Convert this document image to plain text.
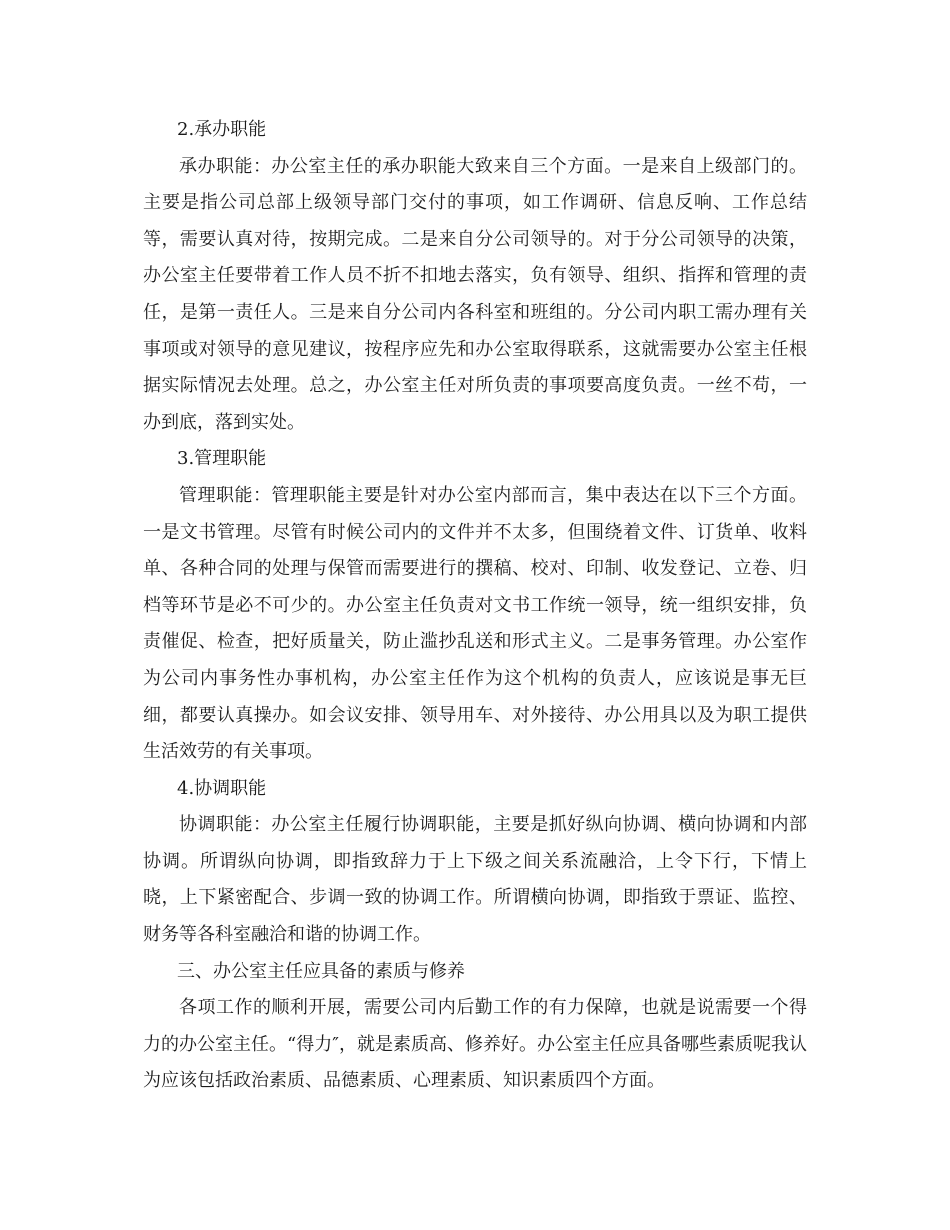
2.承办职能

承办职能：办公室主任的承办职能大致来自三个方面。一是来自上级部门的。主要是指公司总部上级领导部门交付的事项，如工作调研、信息反响、工作总结等，需要认真对待，按期完成。二是来自分公司领导的。对于分公司领导的决策，办公室主任要带着工作人员不折不扣地去落实，负有领导、组织、指挥和管理的责任，是第一责任人。三是来自分公司内各科室和班组的。分公司内职工需办理有关事项或对领导的意见建议，按程序应先和办公室取得联系，这就需要办公室主任根据实际情况去处理。总之，办公室主任对所负责的事项要高度负责。一丝不苟，一办到底，落到实处。

3.管理职能

管理职能：管理职能主要是针对办公室内部而言，集中表达在以下三个方面。一是文书管理。尽管有时候公司内的文件并不太多，但围绕着文件、订货单、收料单、各种合同的处理与保管而需要进行的撰稿、校对、印制、收发登记、立卷、归档等环节是必不可少的。办公室主任负责对文书工作统一领导，统一组织安排，负责催促、检查，把好质量关，防止滥抄乱送和形式主义。二是事务管理。办公室作为公司内事务性办事机构，办公室主任作为这个机构的负责人，应该说是事无巨细，都要认真操办。如会议安排、领导用车、对外接待、办公用具以及为职工提供生活效劳的有关事项。

4.协调职能

协调职能：办公室主任履行协调职能，主要是抓好纵向协调、横向协调和内部协调。所谓纵向协调，即指致辞力于上下级之间关系流融洽，上令下行，下情上晓，上下紧密配合、步调一致的协调工作。所谓横向协调，即指致于票证、监控、财务等各科室融洽和谐的协调工作。

三、办公室主任应具备的素质与修养

各项工作的顺利开展，需要公司内后勤工作的有力保障，也就是说需要一个得力的办公室主任。“得力″，就是素质高、修养好。办公室主任应具备哪些素质呢我认为应该包括政治素质、品德素质、心理素质、知识素质四个方面。
